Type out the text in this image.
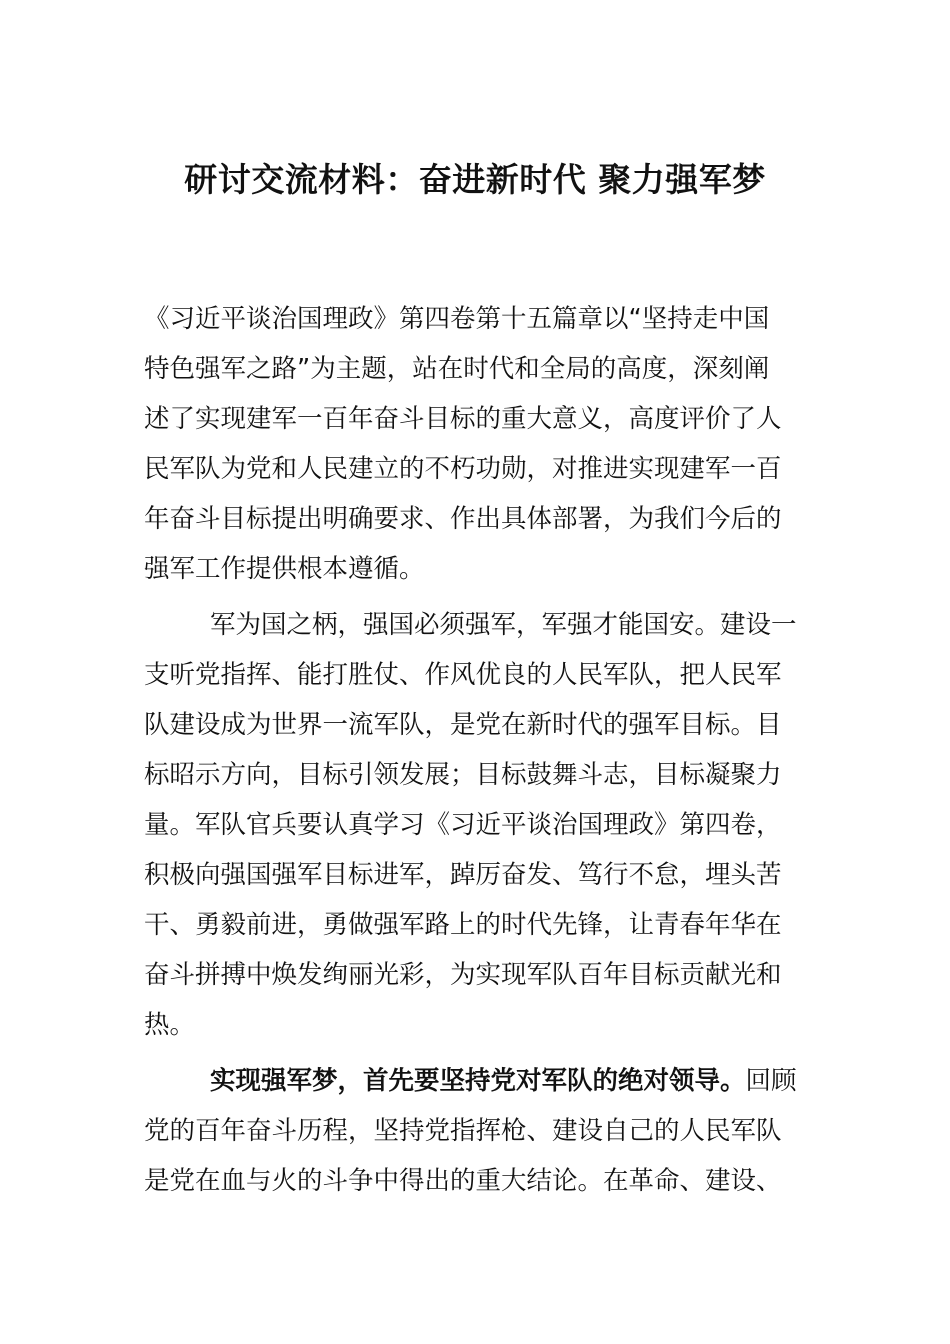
研讨交流材料：奋进新时代 聚力强军梦

《习近平谈治国理政》第四卷第十五篇章以“坚持走中国
特色强军之路”为主题，站在时代和全局的高度，深刻阐
述了实现建军一百年奋斗目标的重大意义，高度评价了人
民军队为党和人民建立的不朽功勋，对推进实现建军一百
年奋斗目标提出明确要求、作出具体部署，为我们今后的
强军工作提供根本遵循。

军为国之柄，强国必须强军，军强才能国安。建设一
支听党指挥、能打胜仗、作风优良的人民军队，把人民军
队建设成为世界一流军队，是党在新时代的强军目标。目
标昭示方向，目标引领发展；目标鼓舞斗志，目标凝聚力
量。军队官兵要认真学习《习近平谈治国理政》第四卷，
积极向强国强军目标进军，踔厉奋发、笃行不怠，埋头苦
干、勇毅前进，勇做强军路上的时代先锋，让青春年华在
奋斗拼搏中焕发绚丽光彩，为实现军队百年目标贡献光和
热。

实现强军梦，首先要坚持党对军队的绝对领导。回顾
党的百年奋斗历程，坚持党指挥枪、建设自己的人民军队
是党在血与火的斗争中得出的重大结论。在革命、建设、
